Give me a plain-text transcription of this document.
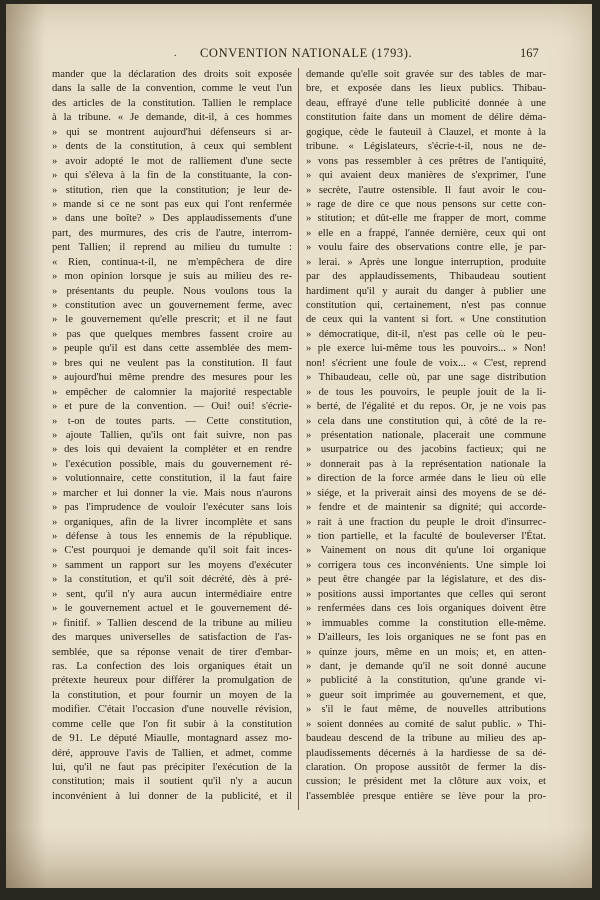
. CONVENTION NATIONALE (1793).	167
mander que la déclaration des droits soit exposée
dans la salle de la convention, comme le veut l'un
des articles de la constitution. Tallien le remplace
à la tribune. « Je demande, dit-il, à ces hommes
» qui se montrent aujourd'hui défenseurs si ar-
» dents de la constitution, à ceux qui semblent
» avoir adopté le mot de ralliement d'une secte
» qui s'éleva à la fin de la constituante, la con-
» stitution, rien que la constitution; je leur de-
» mande si ce ne sont pas eux qui l'ont renfermée
» dans une boîte? » Des applaudissements d'une
part, des murmures, des cris de l'autre, interrom-
pent Tallien; il reprend au milieu du tumulte :
« Rien, continua-t-il, ne m'empêchera de dire
» mon opinion lorsque je suis au milieu des re-
» présentants du peuple. Nous voulons tous la
» constitution avec un gouvernement ferme, avec
» le gouvernement qu'elle prescrit; et il ne faut
» pas que quelques membres fassent croire au
» peuple qu'il est dans cette assemblée des mem-
» bres qui ne veulent pas la constitution. Il faut
» aujourd'hui même prendre des mesures pour les
» empêcher de calomnier la majorité respectable
» et pure de la convention. — Oui! oui! s'écrie-
» t-on de toutes parts. — Cette constitution,
» ajoute Tallien, qu'ils ont fait suivre, non pas
» des lois qui devaient la compléter et en rendre
» l'exécution possible, mais du gouvernement ré-
» volutionnaire, cette constitution, il la faut faire
» marcher et lui donner la vie. Mais nous n'aurons
» pas l'imprudence de vouloir l'exécuter sans lois
» organiques, afin de la livrer incomplète et sans
» défense à tous les ennemis de la république.
» C'est pourquoi je demande qu'il soit fait inces-
» samment un rapport sur les moyens d'exécuter
» la constitution, et qu'il soit décrété, dès à pré-
» sent, qu'il n'y aura aucun intermédiaire entre
» le gouvernement actuel et le gouvernement dé-
» finitif. » Tallien descend de la tribune au milieu
des marques universelles de satisfaction de l'as-
semblée, que sa réponse venait de tirer d'embar-
ras. La confection des lois organiques était un
prétexte heureux pour différer la promulgation de
la constitution, et pour fournir un moyen de la
modifier. C'était l'occasion d'une nouvelle révision,
comme celle que l'on fit subir à la constitution
de 91. Le député Miaulle, montagnard assez mo-
déré, approuve l'avis de Tallien, et admet, comme
lui, qu'il ne faut pas précipiter l'exécution de la
constitution; mais il soutient qu'il n'y a aucun
inconvénient à lui donner de la publicité, et il
demande qu'elle soit gravée sur des tables de mar-
bre, et exposée dans les lieux publics. Thibau-
deau, effrayé d'une telle publicité donnée à une
constitution faite dans un moment de délire déma-
gogique, cède le fauteuil à Clauzel, et monte à la
tribune. « Législateurs, s'écrie-t-il, nous ne de-
» vons pas ressembler à ces prêtres de l'antiquité,
» qui avaient deux manières de s'exprimer, l'une
» secrète, l'autre ostensible. Il faut avoir le cou-
» rage de dire ce que nous pensons sur cette con-
» stitution; et dût-elle me frapper de mort, comme
» elle en a frappé, l'année dernière, ceux qui ont
» voulu faire des observations contre elle, je par-
» lerai. » Après une longue interruption, produite
par des applaudissements, Thibaudeau soutient
hardiment qu'il y aurait du danger à publier une
constitution qui, certainement, n'est pas connue
de ceux qui la vantent si fort. « Une constitution
» démocratique, dit-il, n'est pas celle où le peu-
» ple exerce lui-même tous les pouvoirs... » Non!
non! s'écrient une foule de voix... « C'est, reprend
» Thibaudeau, celle où, par une sage distribution
» de tous les pouvoirs, le peuple jouit de la li-
» berté, de l'égalité et du repos. Or, je ne vois pas
» cela dans une constitution qui, à côté de la re-
» présentation nationale, placerait une commune
» usurpatrice ou des jacobins factieux; qui ne
» donnerait pas à la représentation nationale la
» direction de la force armée dans le lieu où elle
» siége, et la priverait ainsi des moyens de se dé-
» fendre et de maintenir sa dignité; qui accorde-
» rait à une fraction du peuple le droit d'insurrec-
» tion partielle, et la faculté de bouleverser l'État.
» Vainement on nous dit qu'une loi organique
» corrigera tous ces inconvénients. Une simple loi
» peut être changée par la législature, et des dis-
» positions aussi importantes que celles qui seront
» renfermées dans ces lois organiques doivent être
» immuables comme la constitution elle-même.
» D'ailleurs, les lois organiques ne se font pas en
» quinze jours, même en un mois; et, en atten-
» dant, je demande qu'il ne soit donné aucune
» publicité à la constitution, qu'une grande vi-
» gueur soit imprimée au gouvernement, et que,
» s'il le faut même, de nouvelles attributions
» soient données au comité de salut public. » Thi-
baudeau descend de la tribune au milieu des ap-
plaudissements décernés à la hardiesse de sa dé-
claration. On propose aussitôt de fermer la dis-
cussion; le président met la clôture aux voix, et
l'assemblée presque entière se lève pour la pro-
